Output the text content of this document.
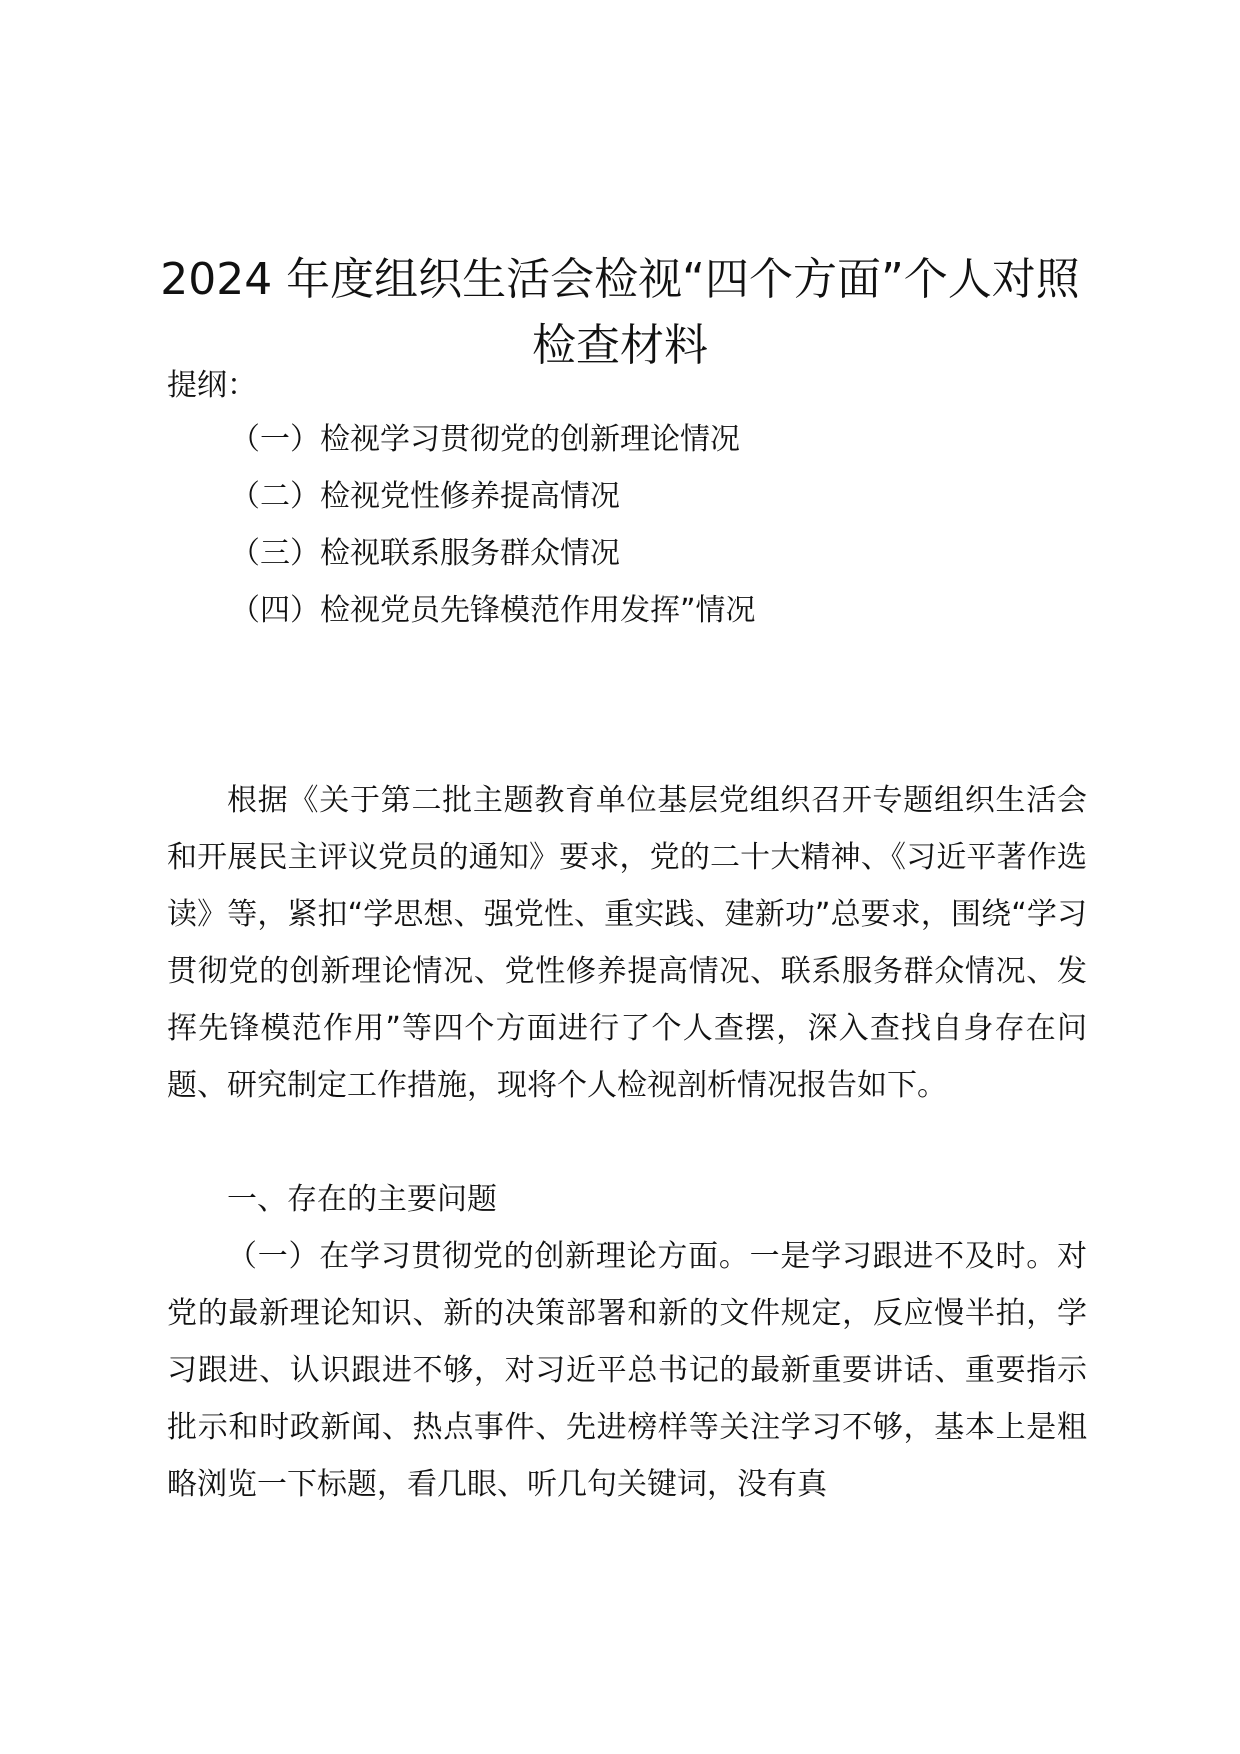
2024 年度组织生活会检视“四个方面”个人对照检查材料
提纲：
（一）检视学习贯彻党的创新理论情况
（二）检视党性修养提高情况
（三）检视联系服务群众情况
（四）检视党员先锋模范作用发挥”情况

根据《关于第二批主题教育单位基层党组织召开专题组织生活会和开展民主评议党员的通知》要求，党的二十大精神、《习近平著作选读》等，紧扣“学思想、强党性、重实践、建新功”总要求，围绕“学习贯彻党的创新理论情况、党性修养提高情况、联系服务群众情况、发挥先锋模范作用”等四个方面进行了个人查摆，深入查找自身存在问题、研究制定工作措施，现将个人检视剖析情况报告如下。

一、存在的主要问题

（一）在学习贯彻党的创新理论方面。一是学习跟进不及时。对党的最新理论知识、新的决策部署和新的文件规定，反应慢半拍，学习跟进、认识跟进不够，对习近平总书记的最新重要讲话、重要指示批示和时政新闻、热点事件、先进榜样等关注学习不够，基本上是粗略浏览一下标题，看几眼、听几句关键词，没有真
